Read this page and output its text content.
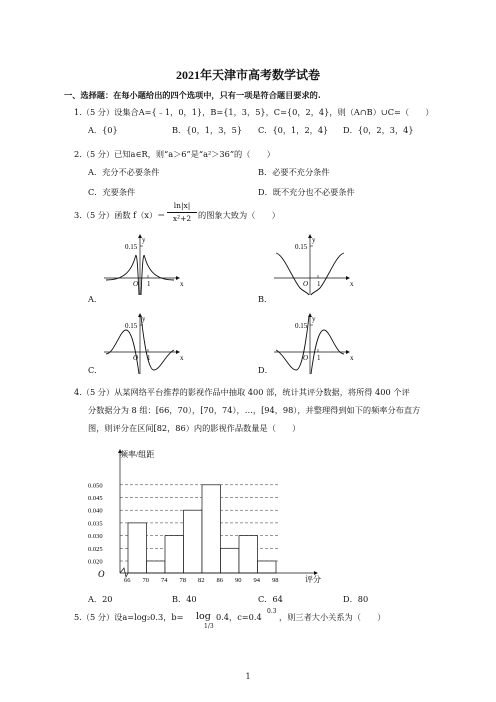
2021年天津市高考数学试卷
一、选择题：在每小题给出的四个选项中，只有一项是符合题目要求的.
1.（5 分）设集合A={﹣1，0，1}，B={1，3，5}，C={0，2，4}，则（A∩B）∪C=（　　）
A．{0}	B．{0，1，3，5} C．{0，1，2，4} D．{0，2，3，4}
2.（5 分）已知a∈R，则“a＞6”是“a²＞36”的（　　）
A．充分不必要条件	B．必要不充分条件
C．充要条件	D．既不充分也不必要条件
3.（5 分）函数 f（x）＝
ln|x|
x²+2 的图象大致为（　　）
y
0.15
O 1	x
A．
y
0.15
O 1	x
B．
y
0.15
O 1	x
C．
y
0.15
O 1	x
D．
4.（5 分）从某网络平台推荐的影视作品中抽取 400 部，统计其评分数据，将所得 400 个评
分数据分为 8 组：[66，70），[70，74），…，[94，98），并整理得到如下的频率分布直方
图，则评分在区间[82，86）内的影视作品数量是（　　）
0.020
0.025
0.030
0.035
0.040
0.045
0.050
66 70 74 78 82 86 90 94 98
O
频率/组距
评分
A．20	B．40	C．64	D．80
5.（5 分）设a=log₂0.3，b= log
1/3
0.4，c=0.4
0.3
，则三者大小关系为（　　）
1
